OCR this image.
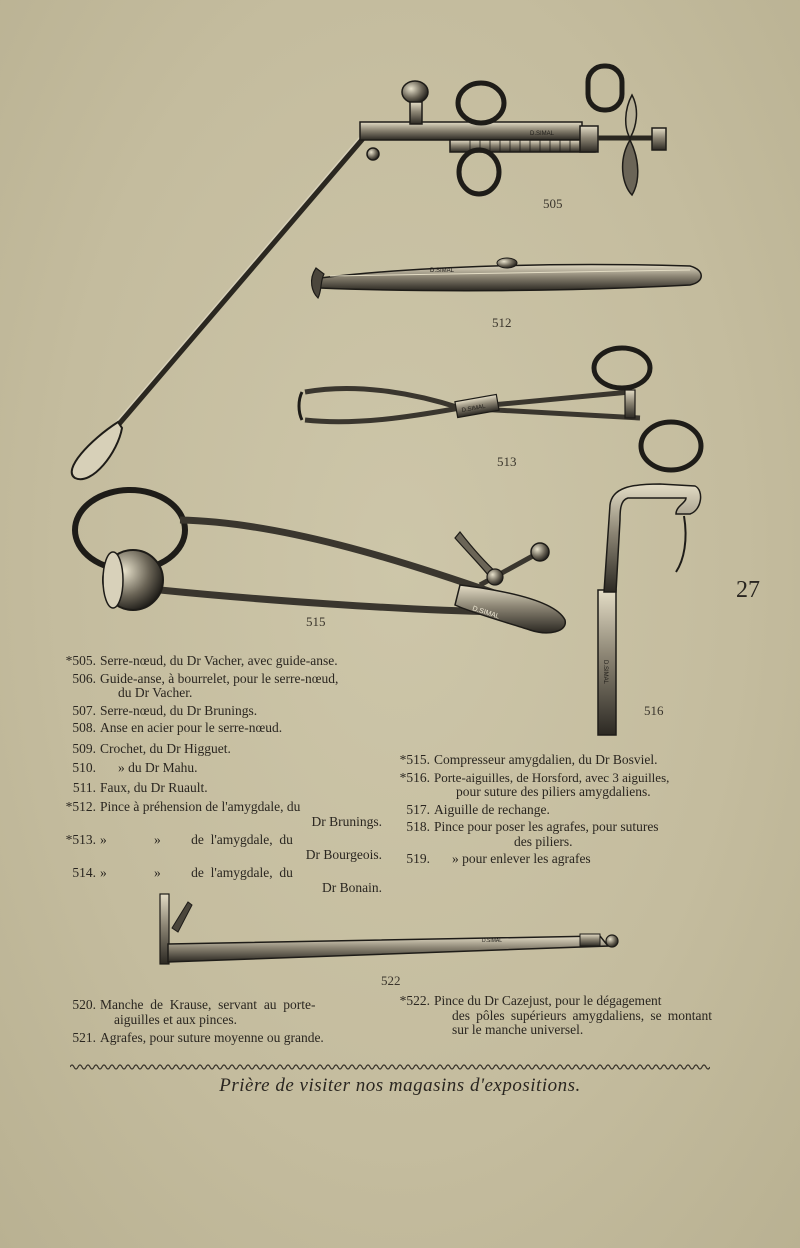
D.SIMAL
D.SIMAL
D.SIMAL
D.SIMAL
D.SIMAL
D.SIMAL
505
512
513
515
516
522
27
*505. Serre-nœud, du Dr Vacher, avec guide-anse.
506. Guide-anse, à bourrelet, pour le serre-nœud,
du Dr Vacher.
507. Serre-nœud, du Dr Brunings.
508. Anse en acier pour le serre-nœud.
509. Crochet, du Dr Higguet.
510. » du Dr Mahu.
511. Faux, du Dr Ruault.
*512. Pince à préhension de l'amygdale, du
Dr Brunings.
*513. »              »         de  l'amygdale,  du
Dr Bourgeois.
514. »              »         de  l'amygdale,  du
Dr Bonain.
*515. Compresseur amygdalien, du Dr Bosviel.
*516. Porte-aiguilles, de Horsford, avec 3 aiguilles,
pour suture des piliers amygdaliens.
517. Aiguille de rechange.
518. Pince pour poser les agrafes, pour sutures
des piliers.
519. » pour enlever les agrafes
520. Manche  de  Krause,  servant  au  porte-
aiguilles et aux pinces.
521. Agrafes, pour suture moyenne ou grande.
*522. Pince du Dr Cazejust, pour le dégagement
des pôles supérieurs amygdaliens, se montant sur le manche universel.
Prière de visiter nos magasins d'expositions.
